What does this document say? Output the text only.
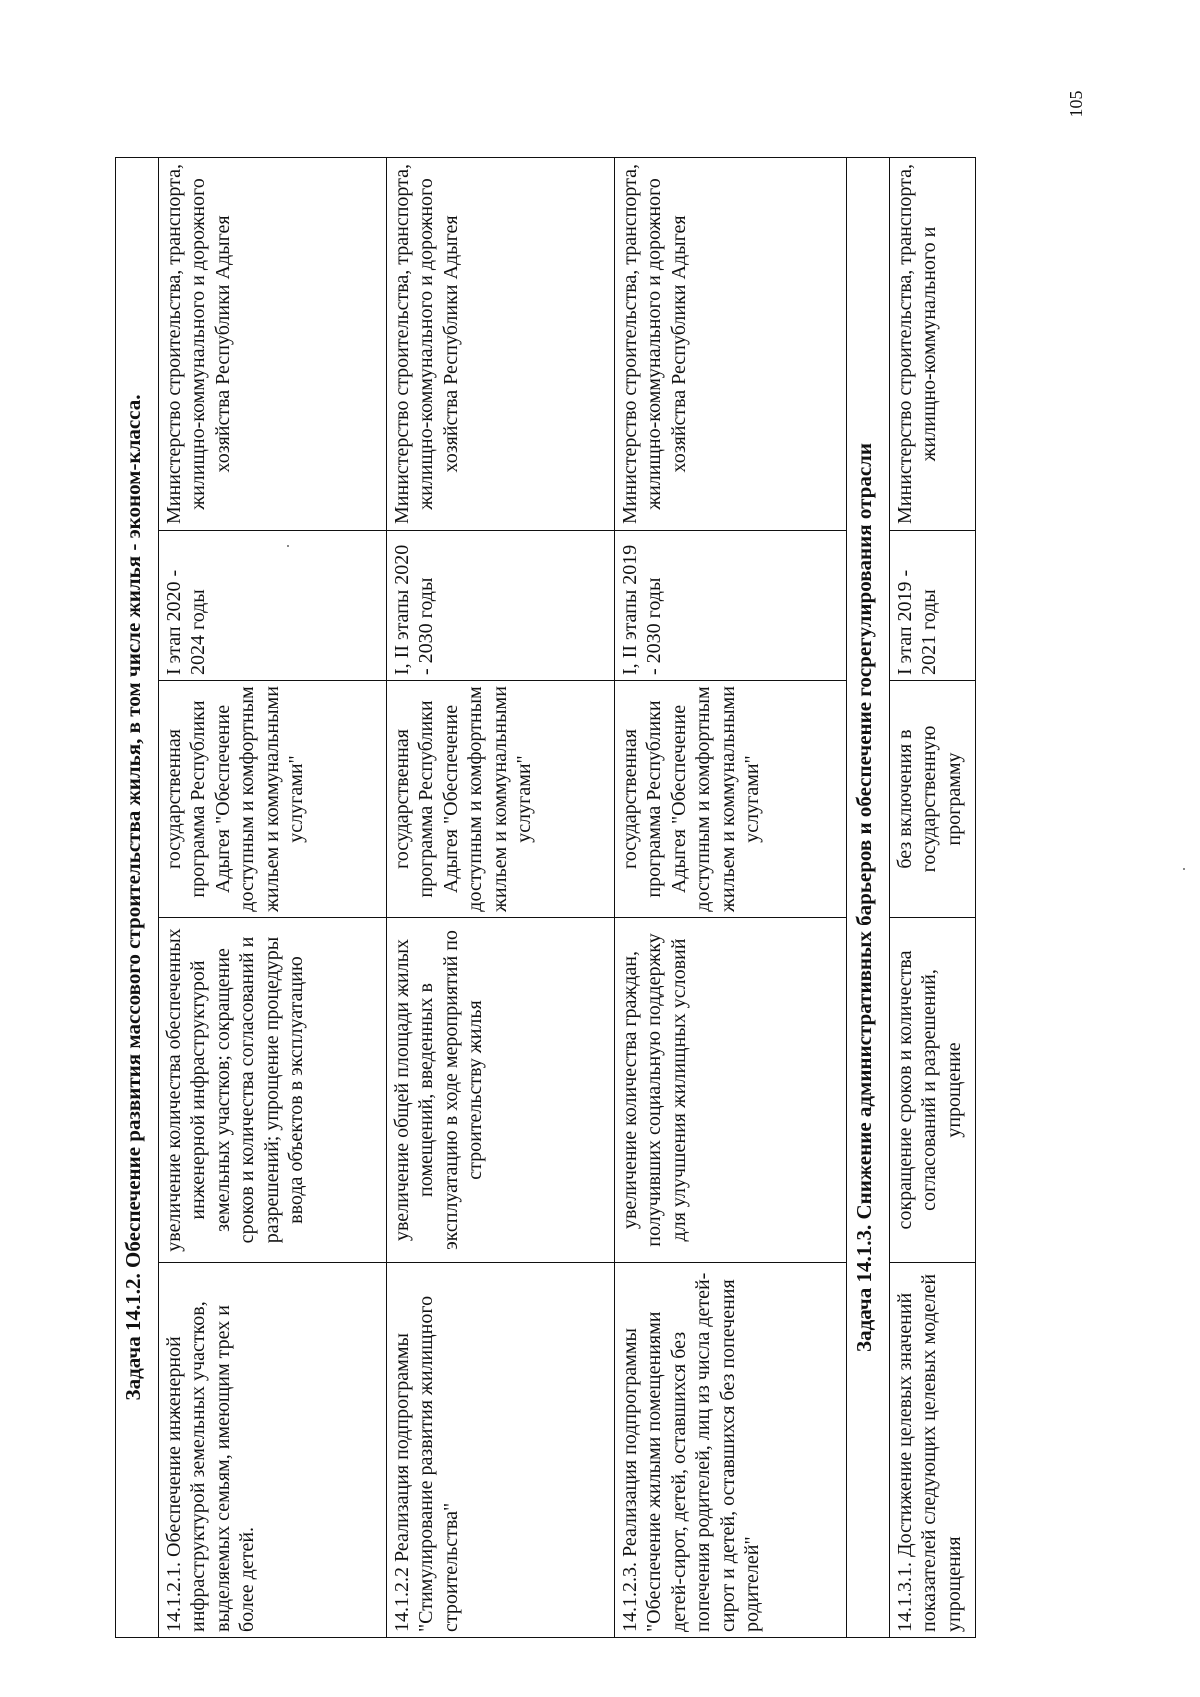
105
Задача 14.1.2. Обеспечение развития массового строительства жилья, в том числе жилья - эконом-класса.				
14.1.2.1. Обеспечение инженерной инфраструктурой земельных участков, выделяемых семьям, имеющим трех и более детей.	увеличение количества обеспеченных инженерной инфраструктурой земельных участков; сокращение сроков и количества согласований и разрешений; упрощение процедуры ввода объектов в эксплуатацию	государственная программа Республики Адыгея "Обеспечение доступным и комфортным жильем и коммунальными услугами"	I этап 2020 - 2024 годы	Министерство строительства, транспорта, жилищно-коммунального и дорожного хозяйства Республики Адыгея
14.1.2.2 Реализация подпрограммы "Стимулирование развития жилищного строительства"	увеличение общей площади жилых помещений, введенных в эксплуатацию в ходе мероприятий по строительству жилья	государственная программа Республики Адыгея "Обеспечение доступным и комфортным жильем и коммунальными услугами"	I, II этапы 2020 - 2030 годы	Министерство строительства, транспорта, жилищно-коммунального и дорожного хозяйства Республики Адыгея
14.1.2.3. Реализация подпрограммы "Обеспечение жилыми помещениями детей-сирот, детей, оставшихся без попечения родителей, лиц из числа детей-сирот и детей, оставшихся без попечения родителей"	увеличение количества граждан, получивших социальную поддержку для улучшения жилищных условий	государственная программа Республики Адыгея "Обеспечение доступным и комфортным жильем и коммунальными услугами"	I, II этапы 2019 - 2030 годы	Министерство строительства, транспорта, жилищно-коммунального и дорожного хозяйства Республики Адыгея
Задача 14.1.3. Снижение административных барьеров и обеспечение госрегулирования отрасли				
14.1.3.1. Достижение целевых значений показателей следующих целевых моделей упрощения	сокращение сроков и количества согласований и разрешений, упрощение	без включения в государственную программу	I этап 2019 - 2021 годы	Министерство строительства, транспорта, жилищно-коммунального и
